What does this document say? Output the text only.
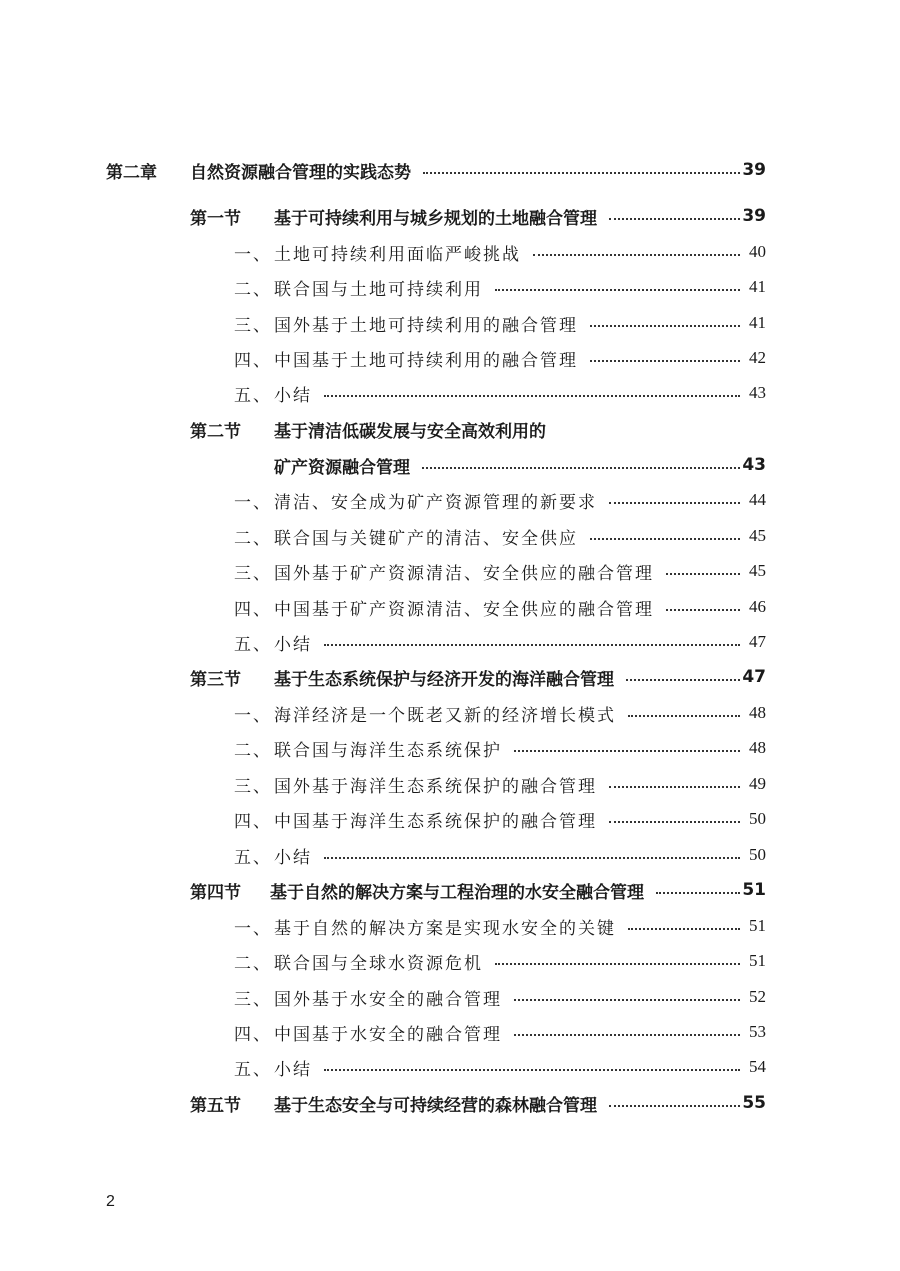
第二章 自然资源融合管理的实践态势	39
第一节 基于可持续利用与城乡规划的土地融合管理	39
一、 土地可持续利用面临严峻挑战	40
二、 联合国与土地可持续利用	41
三、 国外基于土地可持续利用的融合管理	41
四、 中国基于土地可持续利用的融合管理	42
五、 小结	43
第二节 基于清洁低碳发展与安全高效利用的
矿产资源融合管理	43
一、 清洁、安全成为矿产资源管理的新要求	44
二、 联合国与关键矿产的清洁、安全供应	45
三、 国外基于矿产资源清洁、安全供应的融合管理	45
四、 中国基于矿产资源清洁、安全供应的融合管理	46
五、 小结	47
第三节 基于生态系统保护与经济开发的海洋融合管理	47
一、 海洋经济是一个既老又新的经济增长模式	48
二、 联合国与海洋生态系统保护	48
三、 国外基于海洋生态系统保护的融合管理	49
四、 中国基于海洋生态系统保护的融合管理	50
五、 小结	50
第四节 基于自然的解决方案与工程治理的水安全融合管理	51
一、 基于自然的解决方案是实现水安全的关键	51
二、 联合国与全球水资源危机	51
三、 国外基于水安全的融合管理	52
四、 中国基于水安全的融合管理	53
五、 小结	54
第五节 基于生态安全与可持续经营的森林融合管理	55
2
